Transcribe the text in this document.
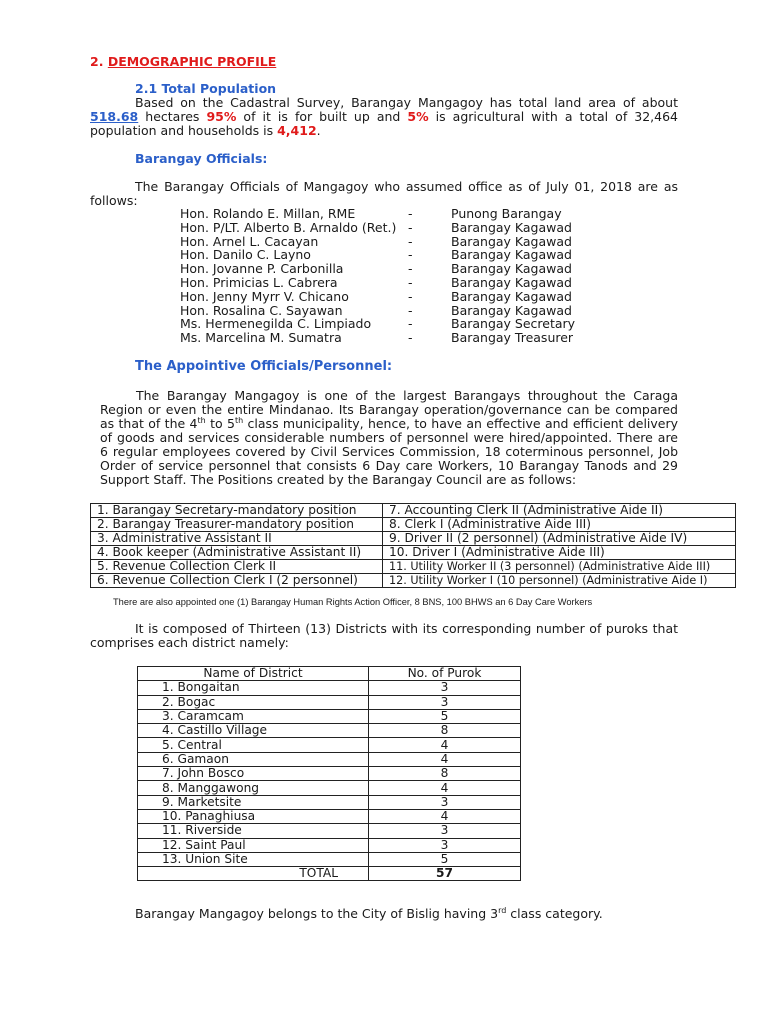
2. DEMOGRAPHIC PROFILE
2.1 Total Population
Based on the Cadastral Survey, Barangay Mangagoy has total land area of about 518.68 hectares 95% of it is for built up and 5% is agricultural with a total of 32,464 population and households is 4,412.
Barangay Officials:
The Barangay Officials of Mangagoy who assumed office as of July 01, 2018 are as follows:
Hon. Rolando E. Millan, RME	-	Punong Barangay
Hon. P/LT. Alberto B. Arnaldo (Ret.) -	Barangay Kagawad
Hon. Arnel L. Cacayan	-	Barangay Kagawad
Hon. Danilo C. Layno	-	Barangay Kagawad
Hon. Jovanne P. Carbonilla	-	Barangay Kagawad
Hon. Primicias L. Cabrera	-	Barangay Kagawad
Hon. Jenny Myrr V. Chicano	-	Barangay Kagawad
Hon. Rosalina C. Sayawan	-	Barangay Kagawad
Ms. Hermenegilda C. Limpiado	-	Barangay Secretary
Ms. Marcelina M. Sumatra	-	Barangay Treasurer
The Appointive Officials/Personnel:
The Barangay Mangagoy is one of the largest Barangays throughout the Caraga Region or even the entire Mindanao. Its Barangay operation/governance can be compared as that of the 4th to 5th class municipality, hence, to have an effective and efficient delivery of goods and services considerable numbers of personnel were hired/appointed. There are 6 regular employees covered by Civil Services Commission, 18 coterminous personnel, Job Order of service personnel that consists 6 Day care Workers, 10 Barangay Tanods and 29 Support Staff. The Positions created by the Barangay Council are as follows:
1. Barangay Secretary-mandatory position	7. Accounting Clerk II (Administrative Aide II)
2. Barangay Treasurer-mandatory position	8. Clerk I (Administrative Aide III)
3. Administrative Assistant II	9. Driver II (2 personnel) (Administrative Aide IV)
4. Book keeper (Administrative Assistant II)	10. Driver I (Administrative Aide III)
5. Revenue Collection Clerk II	11. Utility Worker II (3 personnel) (Administrative Aide III)
6. Revenue Collection Clerk I (2 personnel)	12. Utility Worker I (10 personnel) (Administrative Aide I)
There are also appointed one (1) Barangay Human Rights Action Officer, 8 BNS, 100 BHWS an 6 Day Care Workers
It is composed of Thirteen (13) Districts with its corresponding number of puroks that comprises each district namely:
Name of District	No. of Purok
1. Bongaitan	3
2. Bogac	3
3. Caramcam	5
4. Castillo Village	8
5. Central	4
6. Gamaon	4
7. John Bosco	8
8. Manggawong	4
9. Marketsite	3
10. Panaghiusa	4
11. Riverside	3
12. Saint Paul	3
13. Union Site	5
TOTAL	57
Barangay Mangagoy belongs to the City of Bislig having 3rd class category.
